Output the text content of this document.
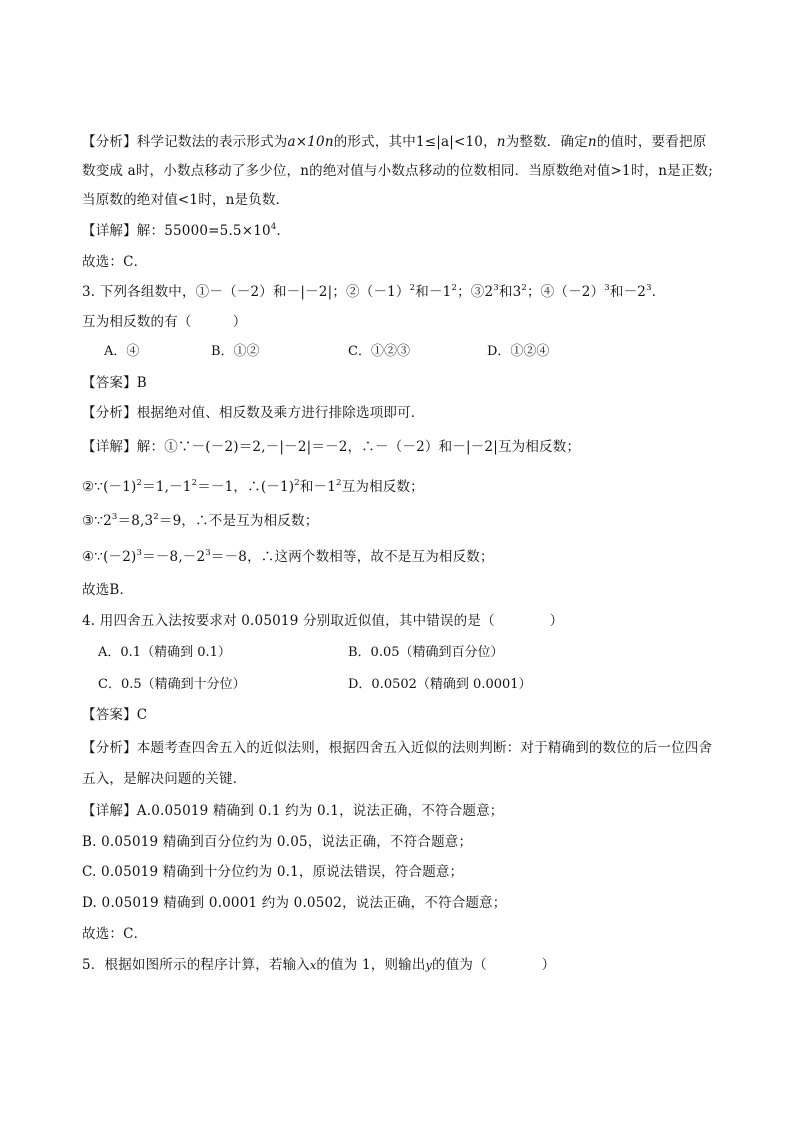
【分析】科学记数法的表示形式为a×10n的形式，其中1≤|a|<10，n为整数．确定n的值时，要看把原
数变成 a时，小数点移动了多少位，n的绝对值与小数点移动的位数相同．当原数绝对值>1时，n是正数;
当原数的绝对值<1时，n是负数．
【详解】解：$55000=5.5\times 10^4$．
故选：C．
3. 下列各组数中，①－（－2）和－|－2|；$②(-1)^2$和$-1^2$；$③2^3$和$3^2$；$④(-2)^3$和$-2^3$．
互为相反数的有（　　　）
A．④	B．①②	C．①②③	D．①②④
【答案】B
【分析】根据绝对值、相反数及乘方进行排除选项即可．
【详解】解：①∵－(－2)＝2,－|－2|＝－2，∴－（－2）和－|－2|互为相反数；
$②\because(-1)^2=1,-1^2=-1$，$\therefore(-1)^2$和$-1^2$互为相反数；
$③\because 2^3=8,3^2=9$，∴不是互为相反数；
$④\because(-2)^3=-8,-2^3=-8$，∴这两个数相等，故不是互为相反数；
故选B．
4. 用四舍五入法按要求对 0.05019 分别取近似值，其中错误的是（　　　　）
A．0.1（精确到 0.1）	B．0.05（精确到百分位）
C．0.5（精确到十分位）	D．0.0502（精确到 0.0001）
【答案】C
【分析】本题考查四舍五入的近似法则，根据四舍五入近似的法则判断：对于精确到的数位的后一位四舍
五入，是解决问题的关键．
【详解】A.0.05019 精确到 0.1 约为 0.1，说法正确，不符合题意；
B. 0.05019 精确到百分位约为 0.05，说法正确，不符合题意；
C. 0.05019 精确到十分位约为 0.1，原说法错误，符合题意；
D. 0.05019 精确到 0.0001 约为 0.0502，说法正确，不符合题意；
故选：C．
5．根据如图所示的程序计算，若输入x的值为 1，则输出y的值为（　　　　）
